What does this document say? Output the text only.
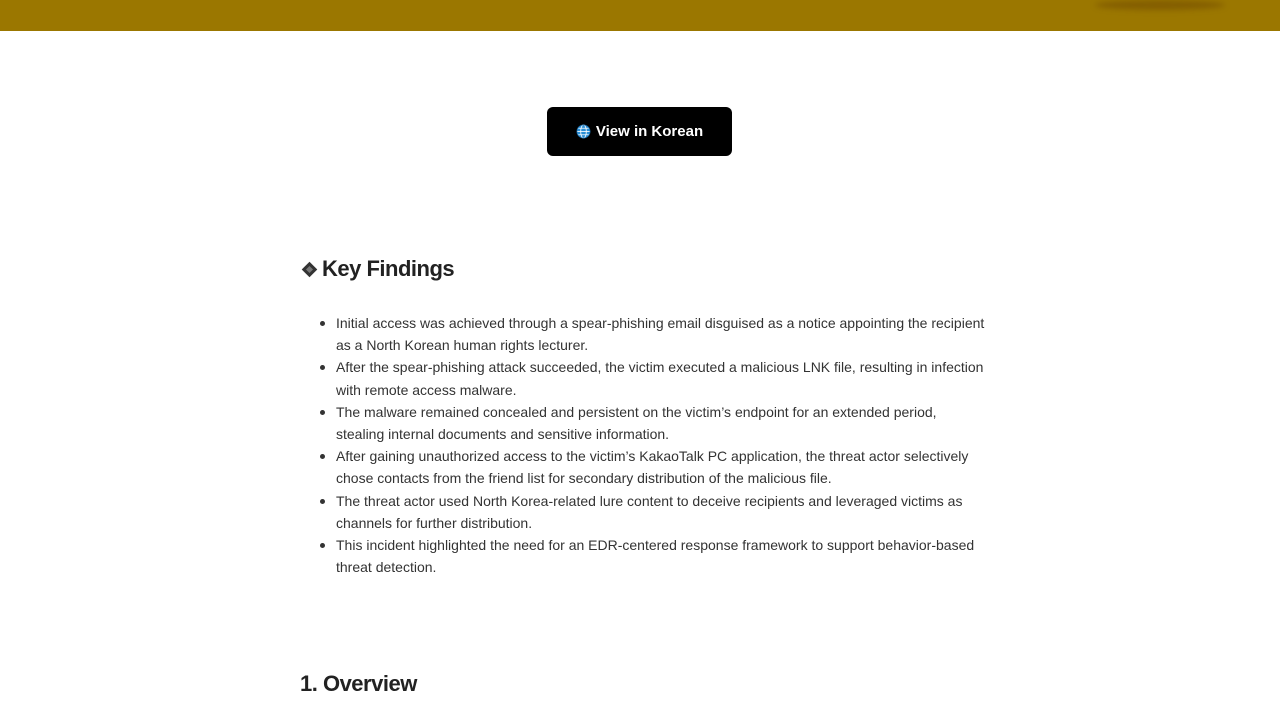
View in Korean
Key Findings
Initial access was achieved through a spear-phishing email disguised as a notice appointing the recipient as a North Korean human rights lecturer.
After the spear-phishing attack succeeded, the victim executed a malicious LNK file, resulting in infection with remote access malware.
The malware remained concealed and persistent on the victim’s endpoint for an extended period, stealing internal documents and sensitive information.
After gaining unauthorized access to the victim’s KakaoTalk PC application, the threat actor selectively chose contacts from the friend list for secondary distribution of the malicious file.
The threat actor used North Korea-related lure content to deceive recipients and leveraged victims as channels for further distribution.
This incident highlighted the need for an EDR-centered response framework to support behavior-based threat detection.
1. Overview
